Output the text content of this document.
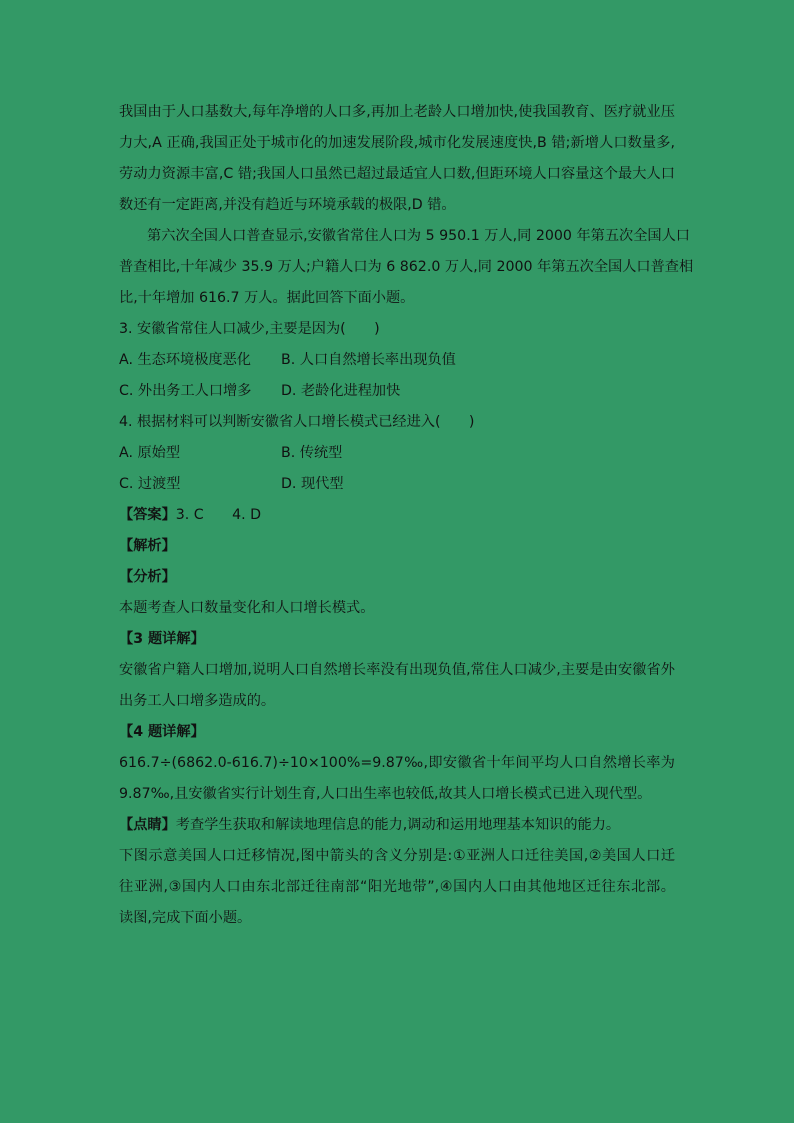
我国由于人口基数大,每年净增的人口多,再加上老龄人口增加快,使我国教育、医疗就业压
力大,A 正确,我国正处于城市化的加速发展阶段,城市化发展速度快,B 错;新增人口数量多,
劳动力资源丰富,C 错;我国人口虽然已超过最适宜人口数,但距环境人口容量这个最大人口
数还有一定距离,并没有趋近与环境承载的极限,D 错。
第六次全国人口普查显示,安徽省常住人口为 5 950.1 万人,同 2000 年第五次全国人口
普查相比,十年减少 35.9 万人;户籍人口为 6 862.0 万人,同 2000 年第五次全国人口普查相
比,十年增加 616.7 万人。据此回答下面小题。
3. 安徽省常住人口减少,主要是因为(　　)
A. 生态环境极度恶化 B. 人口自然增长率出现负值
C. 外出务工人口增多 D. 老龄化进程加快
4. 根据材料可以判断安徽省人口增长模式已经进入(　　)
A. 原始型	B. 传统型
C. 过渡型	D. 现代型
【答案】3. C　　4. D
【解析】
【分析】
本题考查人口数量变化和人口增长模式。
【3 题详解】
安徽省户籍人口增加,说明人口自然增长率没有出现负值,常住人口减少,主要是由安徽省外
出务工人口增多造成的。
【4 题详解】
616.7÷(6862.0-616.7)÷10×100%=9.87‰,即安徽省十年间平均人口自然增长率为
9.87‰,且安徽省实行计划生育,人口出生率也较低,故其人口增长模式已进入现代型。
【点睛】考查学生获取和解读地理信息的能力,调动和运用地理基本知识的能力。
下图示意美国人口迁移情况,图中箭头的含义分别是:①亚洲人口迁往美国,②美国人口迁
往亚洲,③国内人口由东北部迁往南部“阳光地带”,④国内人口由其他地区迁往东北部。
读图,完成下面小题。
